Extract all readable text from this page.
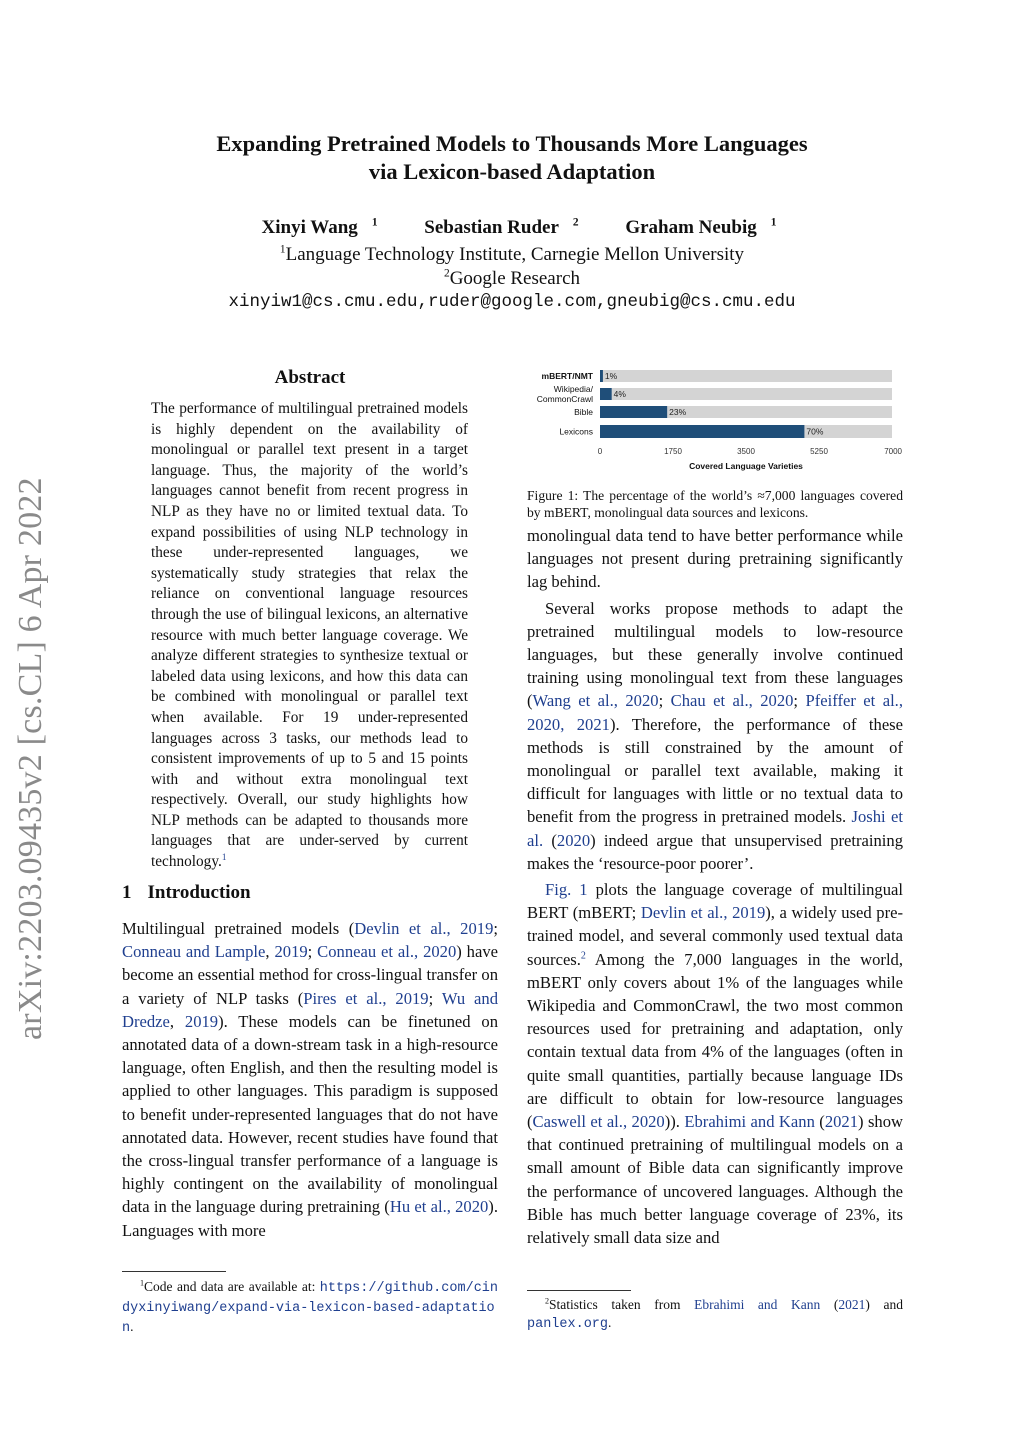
Expanding Pretrained Models to Thousands More Languages
via Lexicon-based Adaptation
Xinyi Wang $^1$ Sebastian Ruder $^2$ Graham Neubig $^1$
$^1$Language Technology Institute, Carnegie Mellon University
$^2$Google Research
xinyiw1@cs.cmu.edu,ruder@google.com,gneubig@cs.cmu.edu
arXiv:2203.09435v2 [cs.CL] 6 Apr 2022
Abstract
The performance of multilingual pretrained models is highly dependent on the availability of monolingual or parallel text present in a target language. Thus, the majority of the world’s languages cannot benefit from recent progress in NLP as they have no or limited textual data. To expand possibilities of using NLP technology in these under-represented languages, we systematically study strategies that relax the reliance on conventional language resources through the use of bilingual lexicons, an alternative resource with much better language coverage. We analyze different strategies to synthesize textual or labeled data using lexicons, and how this data can be combined with monolingual or parallel text when available. For 19 under-represented languages across 3 tasks, our methods lead to consistent improvements of up to 5 and 15 points with and without extra monolingual text respectively. Overall, our study highlights how NLP methods can be adapted to thousands more languages that are under-served by current technology.$^1$
1 Introduction

Multilingual pretrained models (Devlin et al., 2019; Conneau and Lample, 2019; Conneau et al., 2020) have become an essential method for cross-lingual transfer on a variety of NLP tasks (Pires et al., 2019; Wu and Dredze, 2019). These models can be finetuned on annotated data of a down-stream task in a high-resource language, often English, and then the resulting model is applied to other languages. This paradigm is supposed to benefit under-represented languages that do not have annotated data. However, recent studies have found that the cross-lingual transfer performance of a language is highly contingent on the availability of monolingual data in the language during pretraining (Hu et al., 2020). Languages with more

$^1$Code and data are available at: https://github.com/cindyxinyiwang/expand-via-lexicon-based-adaptation.
1%
mBERT/NMT
4%
Wikipedia/
CommonCrawl
23%
Bible
70%
Lexicons
0	1750	3500	5250	7000
Covered Language Varieties
Figure 1: The percentage of the world’s ≈7,000 languages covered by mBERT, monolingual data sources and lexicons.

monolingual data tend to have better performance while languages not present during pretraining significantly lag behind.

Several works propose methods to adapt the pretrained multilingual models to low-resource languages, but these generally involve continued training using monolingual text from these languages (Wang et al., 2020; Chau et al., 2020; Pfeiffer et al., 2020, 2021). Therefore, the performance of these methods is still constrained by the amount of monolingual or parallel text available, making it difficult for languages with little or no textual data to benefit from the progress in pretrained models. Joshi et al. (2020) indeed argue that unsupervised pretraining makes the ‘resource-poor poorer’.

Fig. 1 plots the language coverage of multilingual BERT (mBERT; Devlin et al., 2019), a widely used pre-trained model, and several commonly used textual data sources.$^2$ Among the 7,000 languages in the world, mBERT only covers about 1% of the languages while Wikipedia and CommonCrawl, the two most common resources used for pretraining and adaptation, only contain textual data from 4% of the languages (often in quite small quantities, partially because language IDs are difficult to obtain for low-resource languages (Caswell et al., 2020)). Ebrahimi and Kann (2021) show that continued pretraining of multilingual models on a small amount of Bible data can significantly improve the performance of uncovered languages. Although the Bible has much better language coverage of 23%, its relatively small data size and

$^2$Statistics taken from Ebrahimi and Kann (2021) and panlex.org.
